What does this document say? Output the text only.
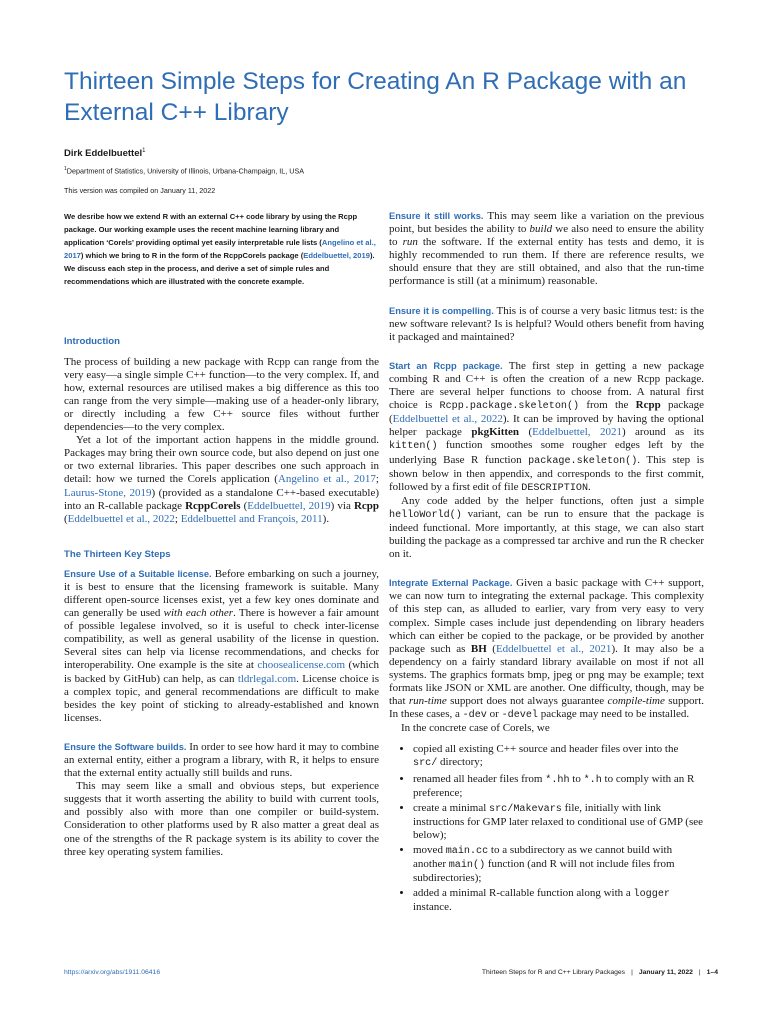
Thirteen Simple Steps for Creating An R Package with an External C++ Library
Dirk Eddelbuettel$^1$
$^1$Department of Statistics, University of Illinois, Urbana-Champaign, IL, USA
This version was compiled on January 11, 2022

We desribe how we extend R with an external C++ code library by using the Rcpp package. Our working example uses the recent machine learning library and application ‘Corels’ providing optimal yet easily interpretable rule lists (Angelino et al., 2017) which we bring to R in the form of the RcppCorels package (Eddelbuettel, 2019). We discuss each step in the process, and derive a set of simple rules and recommendations which are illustrated with the concrete example.

Introduction

The process of building a new package with Rcpp can range from the very easy—a single simple C++ function—to the very complex. If, and how, external resources are utilised makes a big difference as this too can range from the very simple—making use of a header-only library, or directly including a few C++ source files without further dependencies—to the very complex.

Yet a lot of the important action happens in the middle ground. Packages may bring their own source code, but also depend on just one or two external libraries. This paper describes one such approach in detail: how we turned the Corels application (Angelino et al., 2017; Laurus-Stone, 2019) (provided as a standalone C++-based executable) into an R-callable package RcppCorels (Eddelbuettel, 2019) via Rcpp (Eddelbuettel et al., 2022; Eddelbuettel and François, 2011).

The Thirteen Key Steps

Ensure Use of a Suitable license. Before embarking on such a journey, it is best to ensure that the licensing framework is suitable. Many different open-source licenses exist, yet a few key ones dominate and can generally be used with each other. There is however a fair amount of possible legalese involved, so it is useful to check inter-license compatibility, as well as general usability of the license in question. Several sites can help via license recommendations, and checks for interoperability. One example is the site at choosealicense.com (which is backed by GitHub) can help, as can tldrlegal.com. License choice is a complex topic, and general recommendations are difficult to make besides the key point of sticking to already-established and known licenses.

Ensure the Software builds. In order to see how hard it may to combine an external entity, either a program a library, with R, it helps to ensure that the external entity actually still builds and runs.

This may seem like a small and obvious steps, but experience suggests that it worth asserting the ability to build with current tools, and possibly also with more than one compiler or build-system. Consideration to other platforms used by R also matter a great deal as one of the strengths of the R package system is its ability to cover the three key operating system families.

Ensure it still works. This may seem like a variation on the previous point, but besides the ability to build we also need to ensure the ability to run the software. If the external entity has tests and demo, it is highly recommended to run them. If there are reference results, we should ensure that they are still obtained, and also that the run-time performance is still (at a minimum) reasonable.

Ensure it is compelling. This is of course a very basic litmus test: is the new software relevant? Is is helpful? Would others benefit from having it packaged and maintained?

Start an Rcpp package. The first step in getting a new package combing R and C++ is often the creation of a new Rcpp package. There are several helper functions to choose from. A natural first choice is Rcpp.package.skeleton() from the Rcpp package (Eddelbuettel et al., 2022). It can be improved by having the optional helper package pkgKitten (Eddelbuettel, 2021) around as its kitten() function smoothes some rougher edges left by the underlying Base R function package.skeleton(). This step is shown below in then appendix, and corresponds to the first commit, followed by a first edit of file DESCRIPTION.

Any code added by the helper functions, often just a simple helloWorld() variant, can be run to ensure that the package is indeed functional. More importantly, at this stage, we can also start building the package as a compressed tar archive and run the R checker on it.

Integrate External Package. Given a basic package with C++ support, we can now turn to integrating the external package. This complexity of this step can, as alluded to earlier, vary from very easy to very complex. Simple cases include just dependending on library headers which can either be copied to the package, or be provided by another package such as BH (Eddelbuettel et al., 2021). It may also be a dependency on a fairly standard library available on most if not all systems. The graphics formats bmp, jpeg or png may be example; text formats like JSON or XML are another. One difficulty, though, may be that run-time support does not always guarantee compile-time support. In these cases, a -dev or -devel package may need to be installed.

In the concrete case of Corels, we

• copied all existing C++ source and header files over into the src/ directory;
• renamed all header files from *.hh to *.h to comply with an R preference;
• create a minimal src/Makevars file, initially with link instructions for GMP later relaxed to conditional use of GMP (see below);
• moved main.cc to a subdirectory as we cannot build with another main() function (and R will not include files from subdirectories);
• added a minimal R-callable function along with a logger instance.
https://arxiv.org/abs/1911.06416	Thirteen Steps for R and C++ Library Packages | January 11, 2022 | 1–4
